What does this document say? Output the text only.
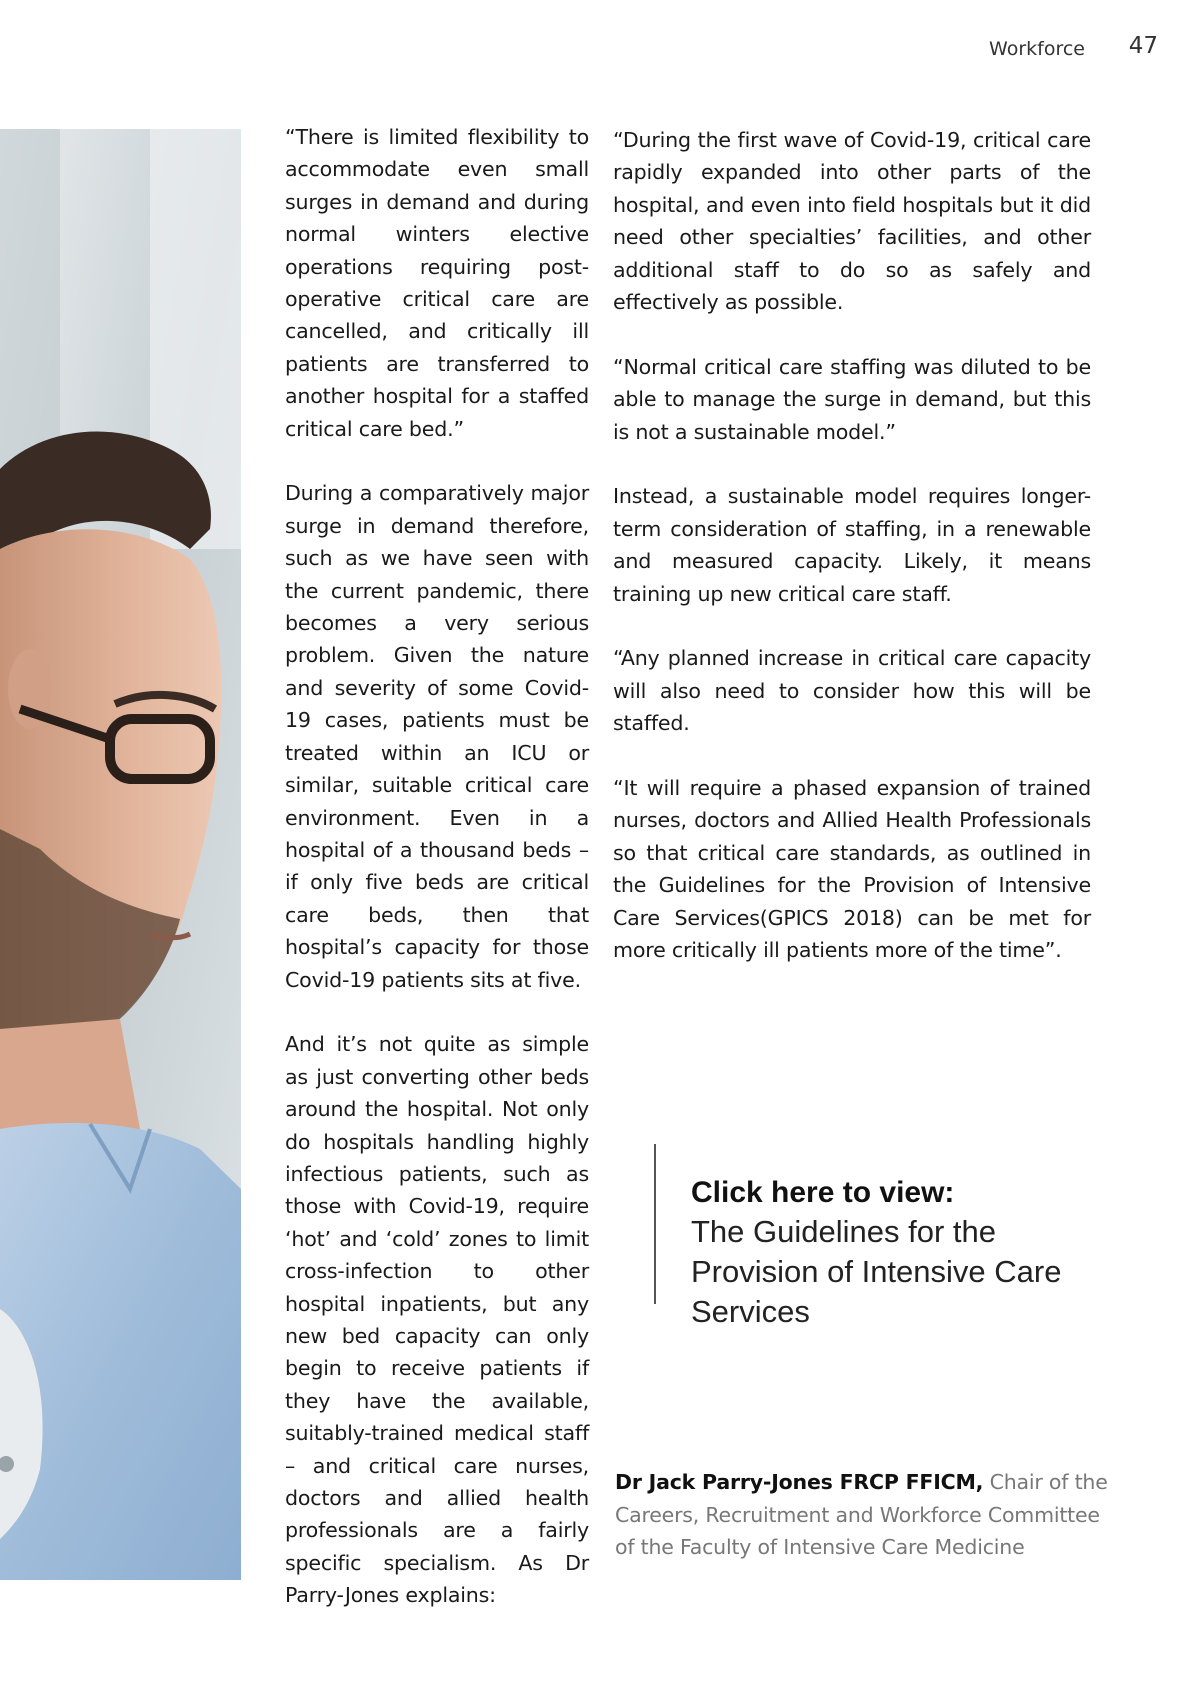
Workforce 47

“There is limited flexibility to accommodate even small surges in demand and during normal winters elective operations requiring post-operative critical care are cancelled, and critically ill patients are transferred to another hospital for a staffed critical care bed.”

During a comparatively major surge in demand therefore, such as we have seen with the current pandemic, there becomes a very serious problem. Given the nature and severity of some Covid-19 cases, patients must be treated within an ICU or similar, suitable critical care environment. Even in a hospital of a thousand beds – if only five beds are critical care beds, then that hospital’s capacity for those Covid-19 patients sits at five.

And it’s not quite as simple as just converting other beds around the hospital. Not only do hospitals handling highly infectious patients, such as those with Covid-19, require ‘hot’ and ‘cold’ zones to limit cross-infection to other hospital inpatients, but any new bed capacity can only begin to receive patients if they have the available, suitably-trained medical staff – and critical care nurses, doctors and allied health professionals are a fairly specific specialism. As Dr Parry-Jones explains:

“During the first wave of Covid-19, critical care rapidly expanded into other parts of the hospital, and even into field hospitals but it did need other specialties’ facilities, and other additional staff to do so as safely and effectively as possible.

“Normal critical care staffing was diluted to be able to manage the surge in demand, but this is not a sustainable model.”

Instead, a sustainable model requires longer-term consideration of staffing, in a renewable and measured capacity. Likely, it means training up new critical care staff.

“Any planned increase in critical care capacity will also need to consider how this will be staffed.

“It will require a phased expansion of trained nurses, doctors and Allied Health Professionals so that critical care standards, as outlined in the Guidelines for the Provision of Intensive Care Services(GPICS 2018) can be met for more critically ill patients more of the time”.

Click here to view:
The Guidelines for the Provision of Intensive Care Services
Dr Jack Parry-Jones FRCP FFICM, Chair of the Careers, Recruitment and Workforce Committee of the Faculty of Intensive Care Medicine
